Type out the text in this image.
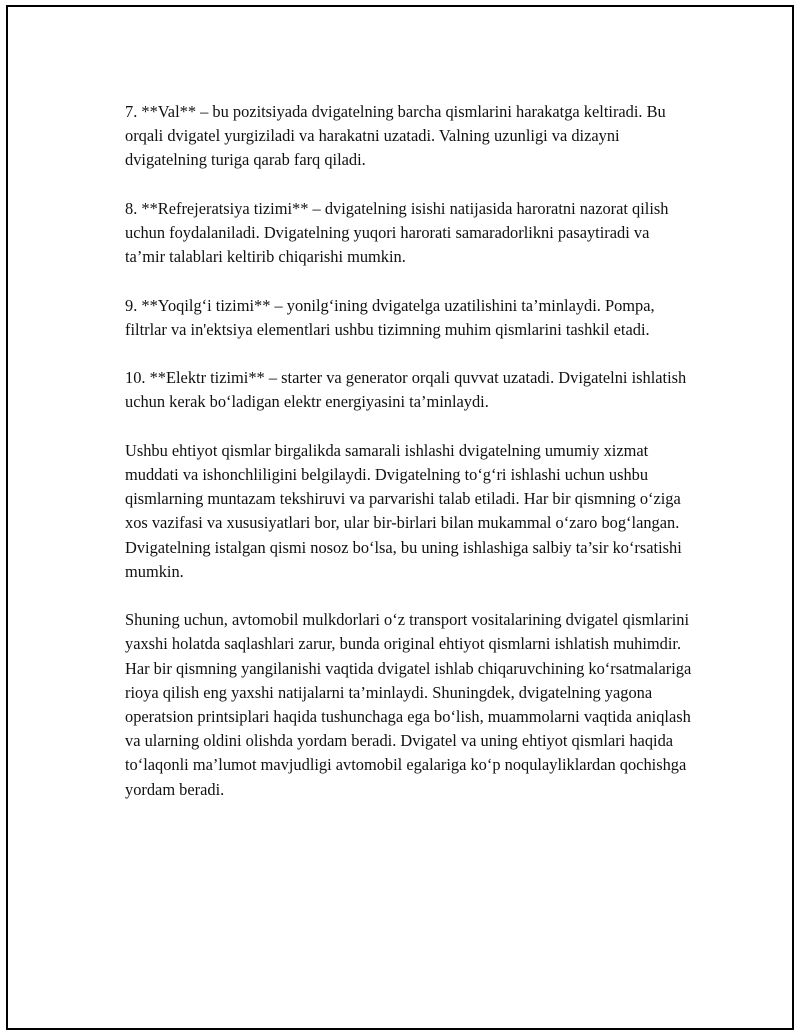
7. **Val** – bu pozitsiyada dvigatelning barcha qismlarini harakatga keltiradi. Bu orqali dvigatel yurgiziladi va harakatni uzatadi. Valning uzunligi va dizayni dvigatelning turiga qarab farq qiladi.

8. **Refrejeratsiya tizimi** – dvigatelning isishi natijasida haroratni nazorat qilish uchun foydalaniladi. Dvigatelning yuqori harorati samaradorlikni pasaytiradi va ta’mir talablari keltirib chiqarishi mumkin.

9. **Yoqilg‘i tizimi** – yonilg‘ining dvigatelga uzatilishini ta’minlaydi. Pompa, filtrlar va in'ektsiya elementlari ushbu tizimning muhim qismlarini tashkil etadi.

10. **Elektr tizimi** – starter va generator orqali quvvat uzatadi. Dvigatelni ishlatish uchun kerak bo‘ladigan elektr energiyasini ta’minlaydi.

Ushbu ehtiyot qismlar birgalikda samarali ishlashi dvigatelning umumiy xizmat muddati va ishonchliligini belgilaydi. Dvigatelning to‘g‘ri ishlashi uchun ushbu qismlarning muntazam tekshiruvi va parvarishi talab etiladi. Har bir qismning o‘ziga xos vazifasi va xususiyatlari bor, ular bir-birlari bilan mukammal o‘zaro bog‘langan. Dvigatelning istalgan qismi nosoz bo‘lsa, bu uning ishlashiga salbiy ta’sir ko‘rsatishi mumkin.

Shuning uchun, avtomobil mulkdorlari o‘z transport vositalarining dvigatel qismlarini yaxshi holatda saqlashlari zarur, bunda original ehtiyot qismlarni ishlatish muhimdir. Har bir qismning yangilanishi vaqtida dvigatel ishlab chiqaruvchining ko‘rsatmalariga rioya qilish eng yaxshi natijalarni ta’minlaydi. Shuningdek, dvigatelning yagona operatsion printsiplari haqida tushunchaga ega bo‘lish, muammolarni vaqtida aniqlash va ularning oldini olishda yordam beradi. Dvigatel va uning ehtiyot qismlari haqida to‘laqonli ma’lumot mavjudligi avtomobil egalariga ko‘p noqulayliklardan qochishga yordam beradi.
